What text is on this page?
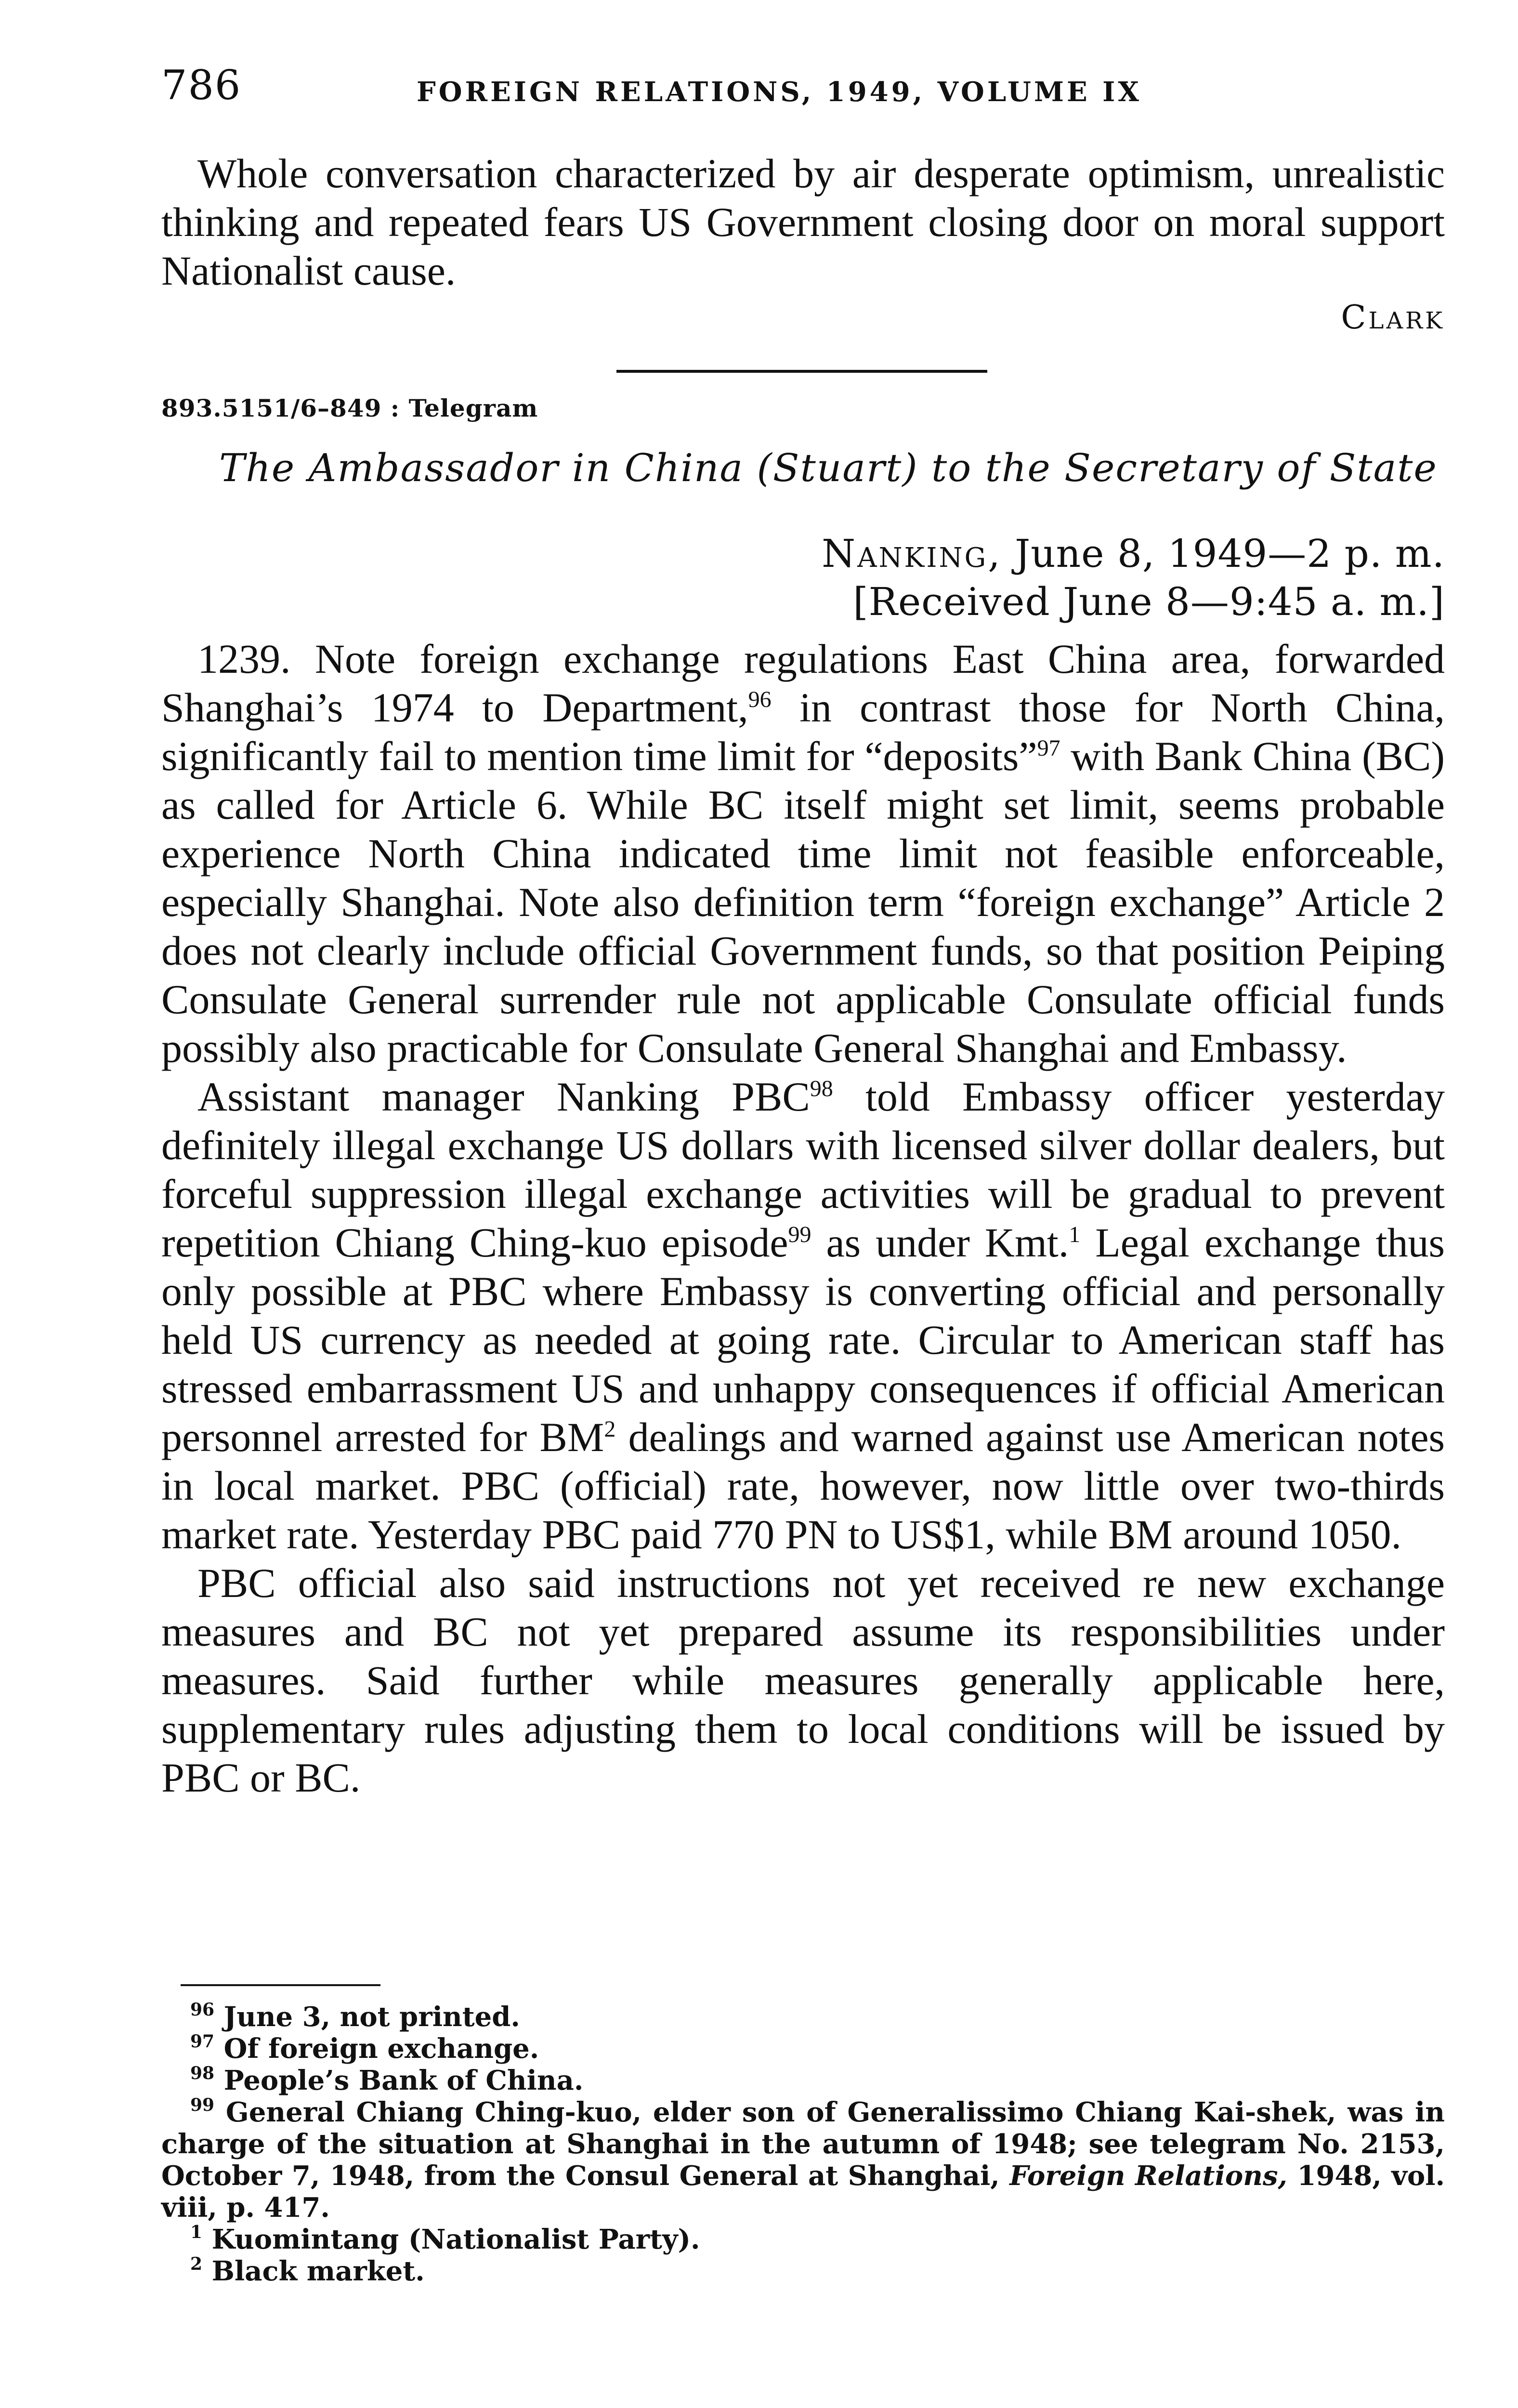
786	FOREIGN RELATIONS, 1949, VOLUME IX

Whole conversation characterized by air desperate optimism, unrealistic thinking and repeated fears US Government closing door on moral support Nationalist cause.

Clark
893.5151/6–849 : Telegram
The Ambassador in China (Stuart) to the Secretary of State
Nanking, June 8, 1949—2 p. m.
[Received June 8—9:45 a. m.]

1239. Note foreign exchange regulations East China area, forwarded Shanghai’s 1974 to Department,$^{96}$ in contrast those for North China, significantly fail to mention time limit for “deposits”$^{97}$ with Bank China (BC) as called for Article 6. While BC itself might set limit, seems probable experience North China indicated time limit not feasible enforceable, especially Shanghai. Note also definition term “foreign exchange” Article 2 does not clearly include official Government funds, so that position Peiping Consulate General surrender rule not applicable Consulate official funds possibly also practicable for Consulate General Shanghai and Embassy.

Assistant manager Nanking PBC$^{98}$ told Embassy officer yesterday definitely illegal exchange US dollars with licensed silver dollar dealers, but forceful suppression illegal exchange activities will be gradual to prevent repetition Chiang Ching-kuo episode$^{99}$ as under Kmt.$^1$ Legal exchange thus only possible at PBC where Embassy is converting official and personally held US currency as needed at going rate. Circular to American staff has stressed embarrassment US and unhappy consequences if official American personnel arrested for $BM^2$ dealings and warned against use American notes in local market. PBC (official) rate, however, now little over two-thirds market rate. Yesterday PBC paid 770 PN to US$1, while BM around 1050.

PBC official also said instructions not yet received re new exchange measures and BC not yet prepared assume its responsibilities under measures. Said further while measures generally applicable here, supplementary rules adjusting them to local conditions will be issued by PBC or BC.

$^{96}$ June 3, not printed.

$^{97}$ Of foreign exchange.

$^{98}$ People’s Bank of China.

$^{99}$ General Chiang Ching-kuo, elder son of Generalissimo Chiang Kai-shek, was in charge of the situation at Shanghai in the autumn of 1948; see telegram No. 2153, October 7, 1948, from the Consul General at Shanghai, Foreign Relations, 1948, vol. viii, p. 417.

$^1$ Kuomintang (Nationalist Party).

$^2$ Black market.
